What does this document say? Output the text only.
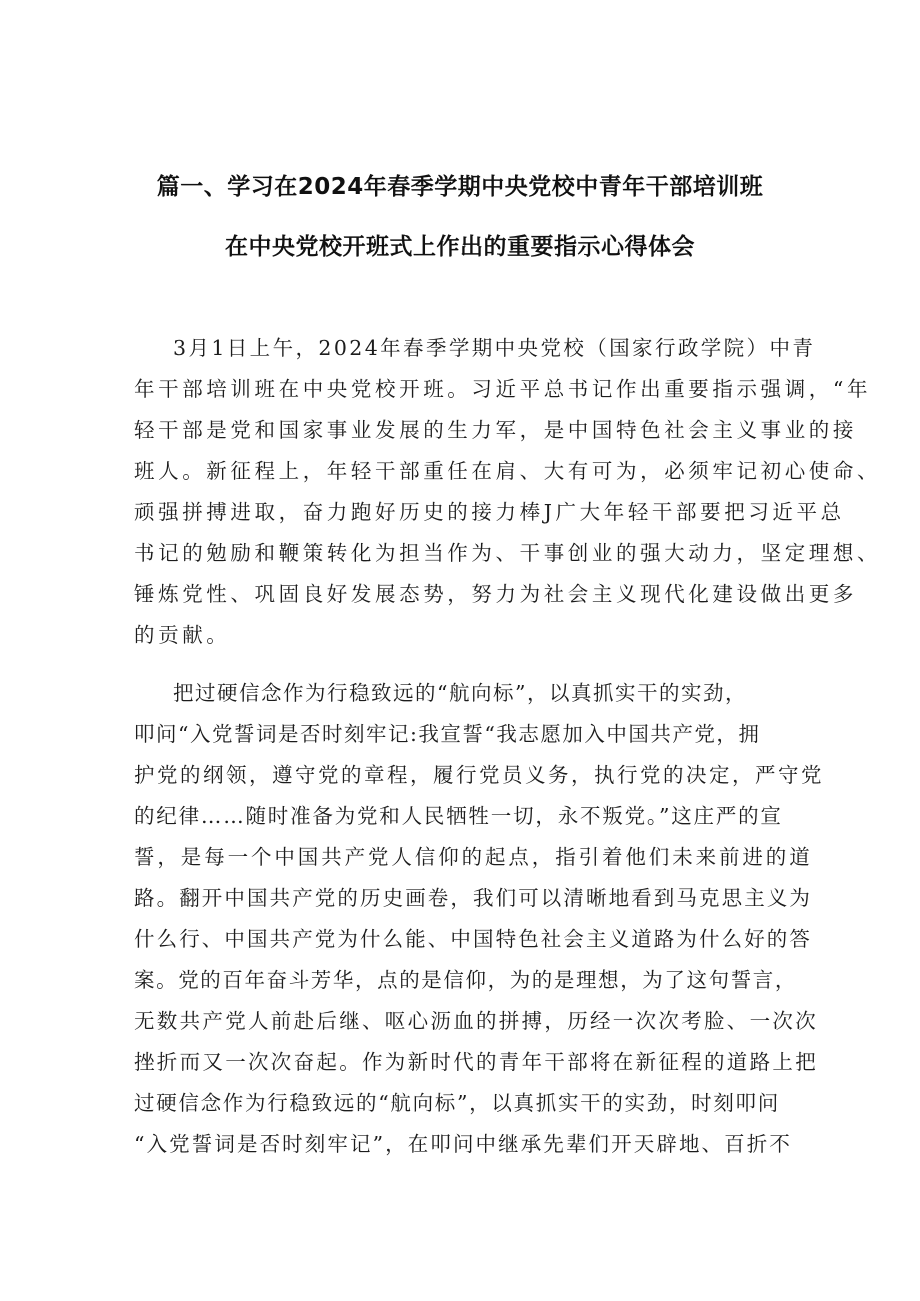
篇一、学习在2024年春季学期中央党校中青年干部培训班
在中央党校开班式上作出的重要指示心得体会
3月1日上午，2024年春季学期中央党校（国家行政学院）中青
年干部培训班在中央党校开班。习近平总书记作出重要指示强调，“年
轻干部是党和国家事业发展的生力军，是中国特色社会主义事业的接
班人。新征程上，年轻干部重任在肩、大有可为，必须牢记初心使命、
顽强拼搏进取，奋力跑好历史的接力棒J广大年轻干部要把习近平总
书记的勉励和鞭策转化为担当作为、干事创业的强大动力，坚定理想、
锤炼党性、巩固良好发展态势，努力为社会主义现代化建设做出更多
的贡献。
把过硬信念作为行稳致远的“航向标”，以真抓实干的实劲，
叩问“入党誓词是否时刻牢记:我宣誓“我志愿加入中国共产党，拥
护党的纲领，遵守党的章程，履行党员义务，执行党的决定，严守党
的纪律……随时准备为党和人民牺牲一切，永不叛党。”这庄严的宣
誓，是每一个中国共产党人信仰的起点，指引着他们未来前进的道
路。翻开中国共产党的历史画卷，我们可以清晰地看到马克思主义为
什么行、中国共产党为什么能、中国特色社会主义道路为什么好的答
案。党的百年奋斗芳华，点的是信仰，为的是理想，为了这句誓言，
无数共产党人前赴后继、呕心沥血的拼搏，历经一次次考脸、一次次
挫折而又一次次奋起。作为新时代的青年干部将在新征程的道路上把
过硬信念作为行稳致远的“航向标”，以真抓实干的实劲，时刻叩问
“入党誓词是否时刻牢记”，在叩问中继承先辈们开天辟地、百折不
